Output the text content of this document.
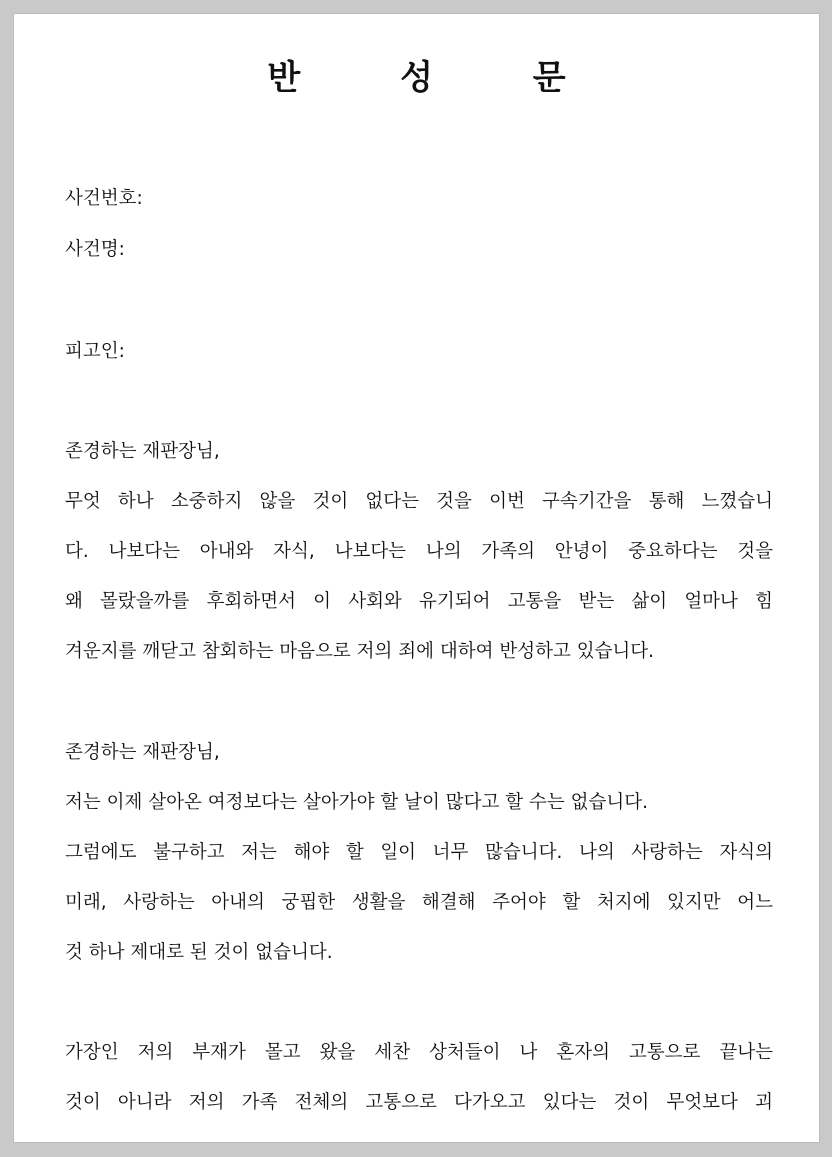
반 성 문
사건번호:
사건명:
피고인:
존경하는 재판장님,
무엇 하나 소중하지 않을 것이 없다는 것을 이번 구속기간을 통해 느꼈습니
다. 나보다는 아내와 자식, 나보다는 나의 가족의 안녕이 중요하다는 것을
왜 몰랐을까를 후회하면서 이 사회와 유기되어 고통을 받는 삶이 얼마나 힘
겨운지를 깨닫고 참회하는 마음으로 저의 죄에 대하여 반성하고 있습니다.
존경하는 재판장님,
저는 이제 살아온 여정보다는 살아가야 할 날이 많다고 할 수는 없습니다.
그럼에도 불구하고 저는 해야 할 일이 너무 많습니다. 나의 사랑하는 자식의
미래, 사랑하는 아내의 궁핍한 생활을 해결해 주어야 할 처지에 있지만 어느
것 하나 제대로 된 것이 없습니다.
가장인 저의 부재가 몰고 왔을 세찬 상처들이 나 혼자의 고통으로 끝나는
것이 아니라 저의 가족 전체의 고통으로 다가오고 있다는 것이 무엇보다 괴
